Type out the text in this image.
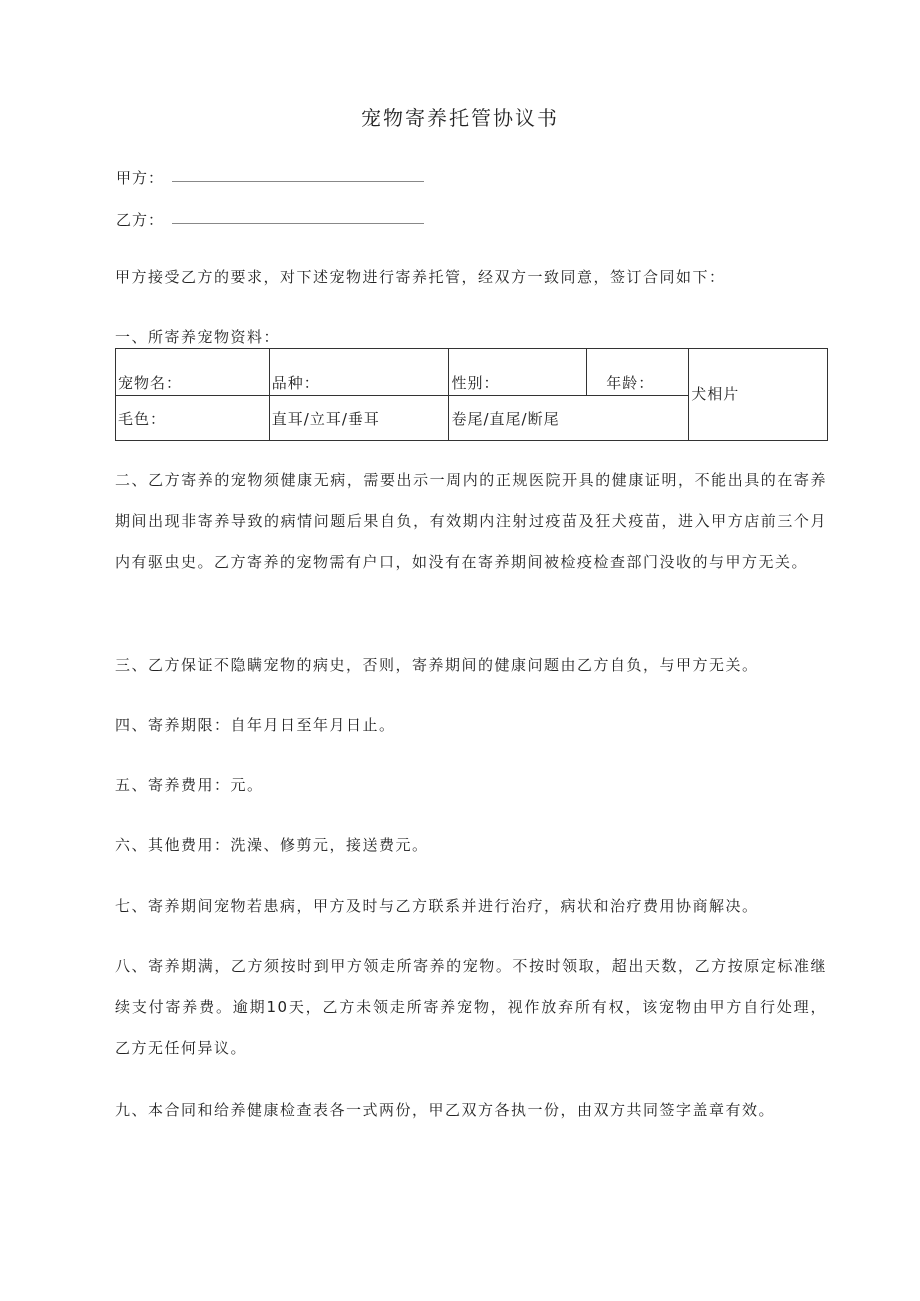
宠物寄养托管协议书
甲方：
乙方：
甲方接受乙方的要求，对下述宠物进行寄养托管，经双方一致同意，签订合同如下：
一、所寄养宠物资料：
宠物名：	品种：	性别：	年龄：	犬相片
毛色：	直耳/立耳/垂耳	卷尾/直尾/断尾		
二、乙方寄养的宠物须健康无病，需要出示一周内的正规医院开具的健康证明，不能出具的在寄养期间出现非寄养导致的病情问题后果自负，有效期内注射过疫苗及狂犬疫苗，进入甲方店前三个月内有驱虫史。乙方寄养的宠物需有户口，如没有在寄养期间被检疫检查部门没收的与甲方无关。
三、乙方保证不隐瞒宠物的病史，否则，寄养期间的健康问题由乙方自负，与甲方无关。
四、寄养期限：自年月日至年月日止。
五、寄养费用：元。
六、其他费用：洗澡、修剪元，接送费元。
七、寄养期间宠物若患病，甲方及时与乙方联系并进行治疗，病状和治疗费用协商解决。
八、寄养期满，乙方须按时到甲方领走所寄养的宠物。不按时领取，超出天数，乙方按原定标准继续支付寄养费。逾期10天，乙方未领走所寄养宠物，视作放弃所有权，该宠物由甲方自行处理，乙方无任何异议。
九、本合同和给养健康检查表各一式两份，甲乙双方各执一份，由双方共同签字盖章有效。
